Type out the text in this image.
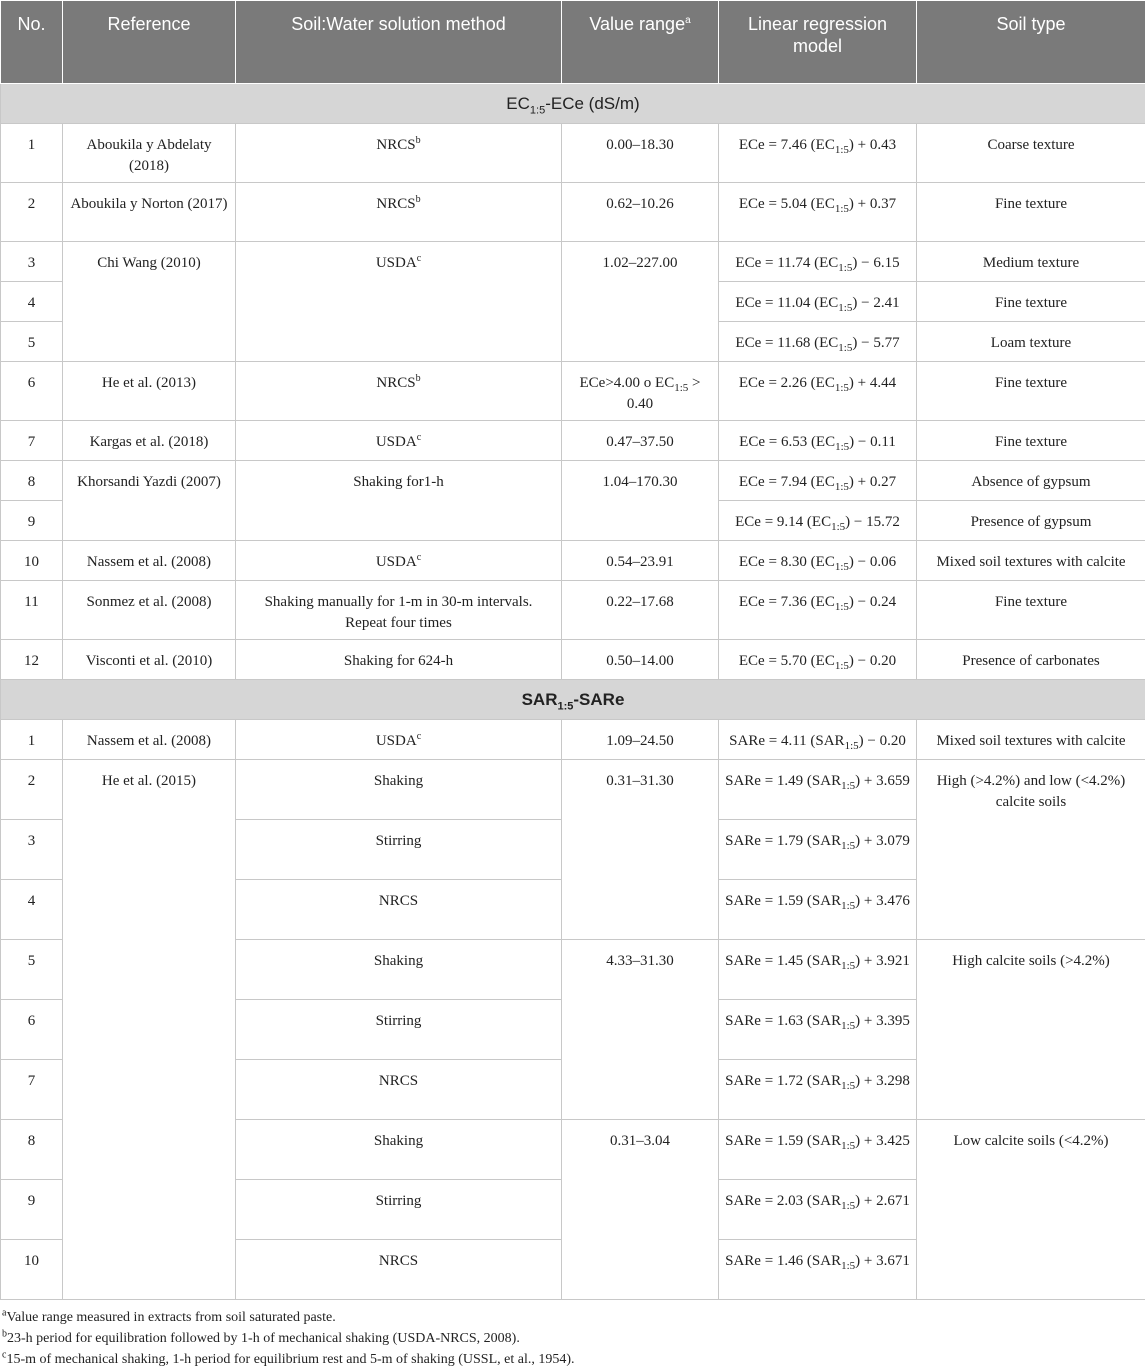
No.	Reference	Soil:Water solution method	Value range$^a$	Linear regression model	Soil type
$EC_{1:5}$-ECe (dS/m)					
1	Aboukila y Abdelaty (2018)	NRCS$^b$	0.00–18.30	ECe = 7.46 $(EC_{1:5}) + 0.43$	Coarse texture
2	Aboukila y Norton (2017)	NRCS$^b$	0.62–10.26	ECe = 5.04 $(EC_{1:5}) + 0.37$	Fine texture
3	Chi Wang (2010)	USDA$^c$	1.02–227.00	ECe = 11.74 $(EC_{1:5}) - 6.15$	Medium texture
4				ECe = 11.04 $(EC_{1:5}) - 2.41$	Fine texture
5				ECe = 11.68 $(EC_{1:5}) - 5.77$	Loam texture
6	He et al. (2013)	NRCS$^b$	ECe>4.00 o $EC_{1:5} > 0.40$	ECe = 2.26 $(EC_{1:5}) + 4.44$	Fine texture
7	Kargas et al. (2018)	USDA$^c$	0.47–37.50	ECe = 6.53 $(EC_{1:5}) - 0.11$	Fine texture
8	Khorsandi Yazdi (2007)	Shaking for1-h	1.04–170.30	ECe = 7.94 $(EC_{1:5}) + 0.27$	Absence of gypsum
9				ECe = 9.14 $(EC_{1:5}) - 15.72$	Presence of gypsum
10	Nassem et al. (2008)	USDA$^c$	0.54–23.91	ECe = 8.30 $(EC_{1:5}) - 0.06$	Mixed soil textures with calcite
11	Sonmez et al. (2008)	Shaking manually for 1-m in 30-m intervals. Repeat four times	0.22–17.68	ECe = 7.36 $(EC_{1:5}) - 0.24$	Fine texture
12	Visconti et al. (2010)	Shaking for 624-h	0.50–14.00	ECe = 5.70 $(EC_{1:5}) - 0.20$	Presence of carbonates
$SAR_{1:5}$-SARe					
1	Nassem et al. (2008)	USDA$^c$	1.09–24.50	SARe = 4.11 $(SAR_{1:5}) - 0.20$	Mixed soil textures with calcite
2	He et al. (2015)	Shaking	0.31–31.30	SARe = 1.49 $(SAR_{1:5}) + 3.659$	High (>4.2%) and low (<4.2%) calcite soils
3		Stirring		SARe = 1.79 $(SAR_{1:5}) + 3.079$	
4		NRCS		SARe = 1.59 $(SAR_{1:5}) + 3.476$	
5		Shaking	4.33–31.30	SARe = 1.45 $(SAR_{1:5}) + 3.921$	High calcite soils (>4.2%)
6		Stirring		SARe = 1.63 $(SAR_{1:5}) + 3.395$	
7		NRCS		SARe = 1.72 $(SAR_{1:5}) + 3.298$	
8		Shaking	0.31–3.04	SARe = 1.59 $(SAR_{1:5}) + 3.425$	Low calcite soils (<4.2%)
9		Stirring		SARe = 2.03 $(SAR_{1:5}) + 2.671$	
10		NRCS		SARe = 1.46 $(SAR_{1:5}) + 3.671$	

$^a$Value range measured in extracts from soil saturated paste.

$^b$23-h period for equilibration followed by 1-h of mechanical shaking (USDA-NRCS, 2008).

$^c$15-m of mechanical shaking, 1-h period for equilibrium rest and 5-m of shaking (USSL, et al., 1954).
